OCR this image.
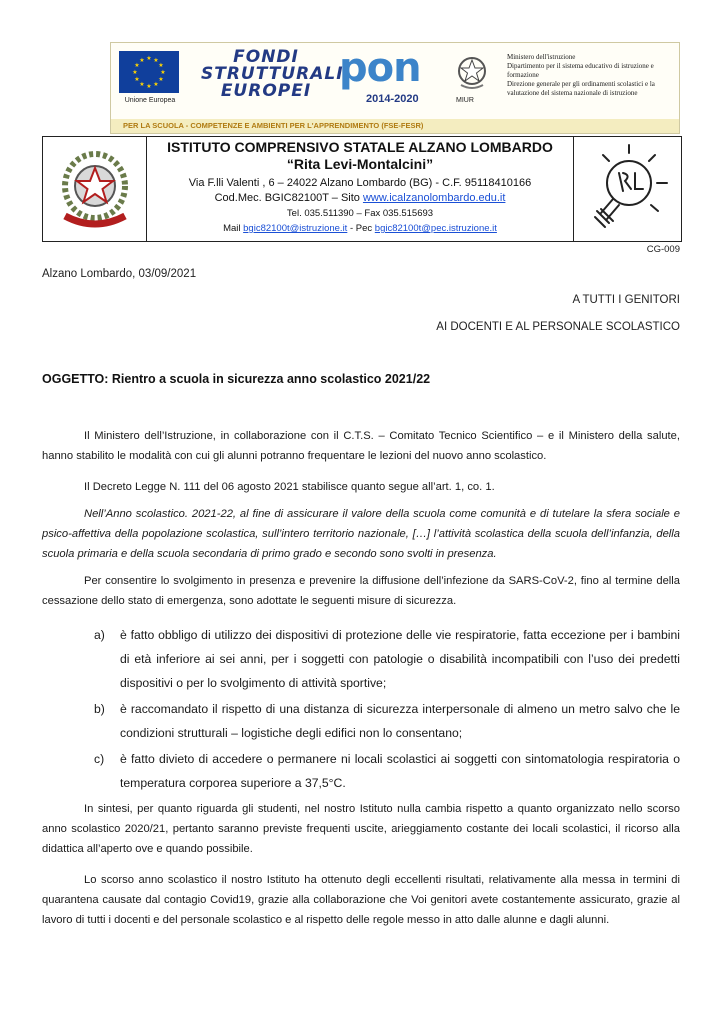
★ ★
★
★
★
★
★
★
★
★
★
★
Unione Europea
FONDI
STRUTTURALI
EUROPEI pon
2014-2020	MIUR
Ministero dell'istruzione
Dipartimento per il sistema educativo di istruzione e formazione
Direzione generale per gli ordinamenti scolastici e la valutazione del sistema nazionale di istruzione
PER LA SCUOLA - COMPETENZE E AMBIENTI PER L'APPRENDIMENTO (FSE-FESR)
ISTITUTO COMPRENSIVO STATALE ALZANO LOMBARDO
“Rita Levi-Montalcini”
Via F.lli Valenti , 6 – 24022 Alzano Lombardo (BG) - C.F. 95118410166
Cod.Mec. BGIC82100T – Sito www.icalzanolombardo.edu.it
Tel. 035.511390 – Fax 035.515693
Mail bgic82100t@istruzione.it - Pec bgic82100t@pec.istruzione.it
CG-009
Alzano Lombardo, 03/09/2021
A TUTTI I GENITORI
AI DOCENTI E AL PERSONALE SCOLASTICO
OGGETTO: Rientro a scuola in sicurezza anno scolastico 2021/22

Il Ministero dell’Istruzione, in collaborazione con il C.T.S. – Comitato Tecnico Scientifico – e il Ministero della salute, hanno stabilito le modalità con cui gli alunni potranno frequentare le lezioni del nuovo anno scolastico.

Il Decreto Legge N. 111 del 06 agosto 2021 stabilisce quanto segue all’art. 1, co. 1.

Nell’Anno scolastico. 2021-22, al fine di assicurare il valore della scuola come comunità e di tutelare la sfera sociale e psico-affettiva della popolazione scolastica, sull’intero territorio nazionale, […] l’attività scolastica della scuola dell’infanzia, della scuola primaria e della scuola secondaria di primo grado e secondo sono svolti in presenza.

Per consentire lo svolgimento in presenza e prevenire la diffusione dell’infezione da SARS-CoV-2, fino al termine della cessazione dello stato di emergenza, sono adottate le seguenti misure di sicurezza.

a)	è fatto obbligo di utilizzo dei dispositivi di protezione delle vie respiratorie, fatta eccezione per i bambini di età inferiore ai sei anni, per i soggetti con patologie o disabilità incompatibili con l’uso dei predetti dispositivi o per lo svolgimento di attività sportive;
b)	è raccomandato il rispetto di una distanza di sicurezza interpersonale di almeno un metro salvo che le condizioni strutturali – logistiche degli edifici non lo consentano;
c)	è fatto divieto di accedere o permanere ni locali scolastici ai soggetti con sintomatologia respiratoria o temperatura corporea superiore a 37,5°C.

In sintesi, per quanto riguarda gli studenti, nel nostro Istituto nulla cambia rispetto a quanto organizzato nello scorso anno scolastico 2020/21, pertanto saranno previste frequenti uscite, arieggiamento costante dei locali scolastici, il ricorso alla didattica all’aperto ove e quando possibile.

Lo scorso anno scolastico il nostro Istituto ha ottenuto degli eccellenti risultati, relativamente alla messa in termini di quarantena causate dal contagio Covid19, grazie alla collaborazione che Voi genitori avete costantemente assicurato, grazie al lavoro di tutti i docenti e del personale scolastico e al rispetto delle regole messo in atto dalle alunne e dagli alunni.
